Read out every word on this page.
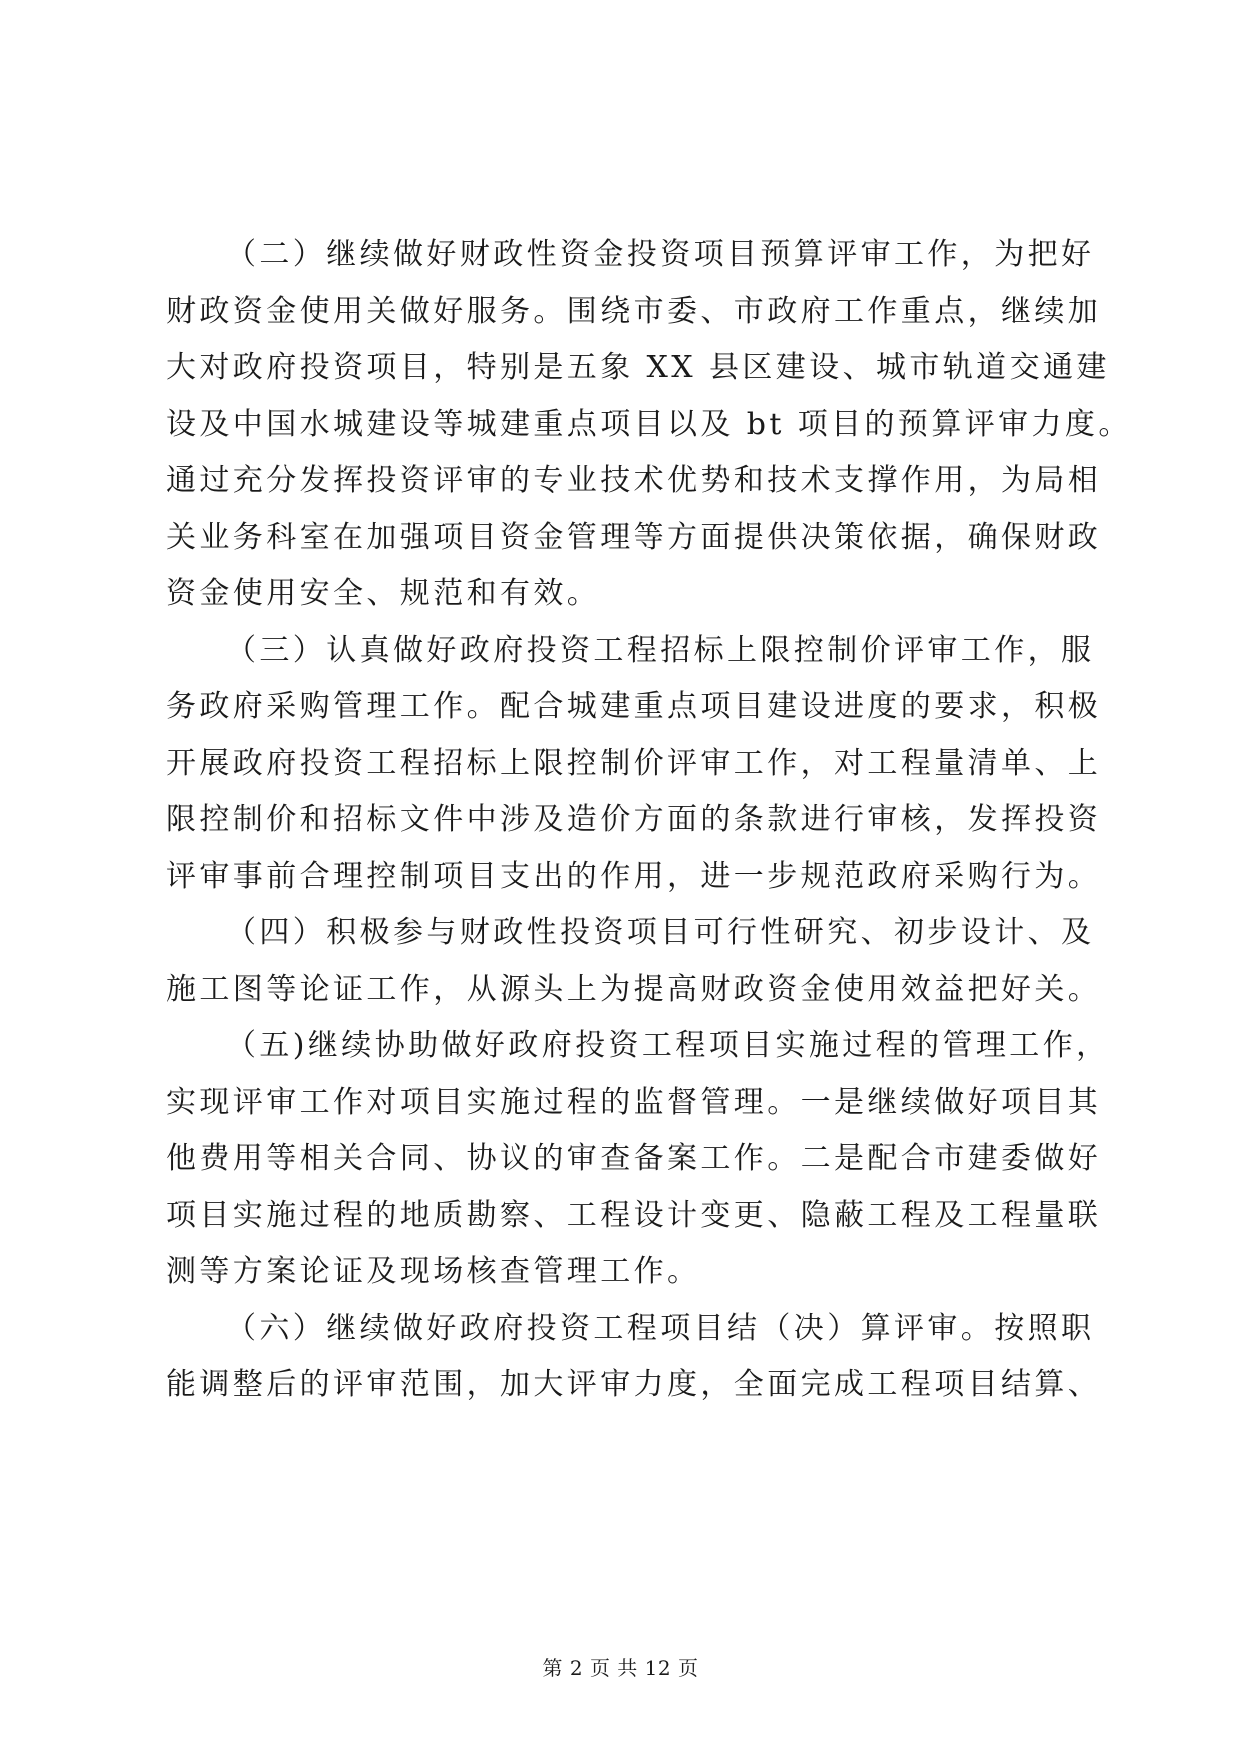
（二）继续做好财政性资金投资项目预算评审工作，为把好
财政资金使用关做好服务。围绕市委、市政府工作重点，继续加
大对政府投资项目，特别是五象 XX 县区建设、城市轨道交通建
设及中国水城建设等城建重点项目以及 bt 项目的预算评审力度。
通过充分发挥投资评审的专业技术优势和技术支撑作用，为局相
关业务科室在加强项目资金管理等方面提供决策依据，确保财政
资金使用安全、规范和有效。
（三）认真做好政府投资工程招标上限控制价评审工作，服
务政府采购管理工作。配合城建重点项目建设进度的要求，积极
开展政府投资工程招标上限控制价评审工作，对工程量清单、上
限控制价和招标文件中涉及造价方面的条款进行审核，发挥投资
评审事前合理控制项目支出的作用，进一步规范政府采购行为。
（四）积极参与财政性投资项目可行性研究、初步设计、及
施工图等论证工作，从源头上为提高财政资金使用效益把好关。
（五)继续协助做好政府投资工程项目实施过程的管理工作，
实现评审工作对项目实施过程的监督管理。一是继续做好项目其
他费用等相关合同、协议的审查备案工作。二是配合市建委做好
项目实施过程的地质勘察、工程设计变更、隐蔽工程及工程量联
测等方案论证及现场核查管理工作。
（六）继续做好政府投资工程项目结（决）算评审。按照职
能调整后的评审范围，加大评审力度，全面完成工程项目结算、
第 2 页 共 12 页
